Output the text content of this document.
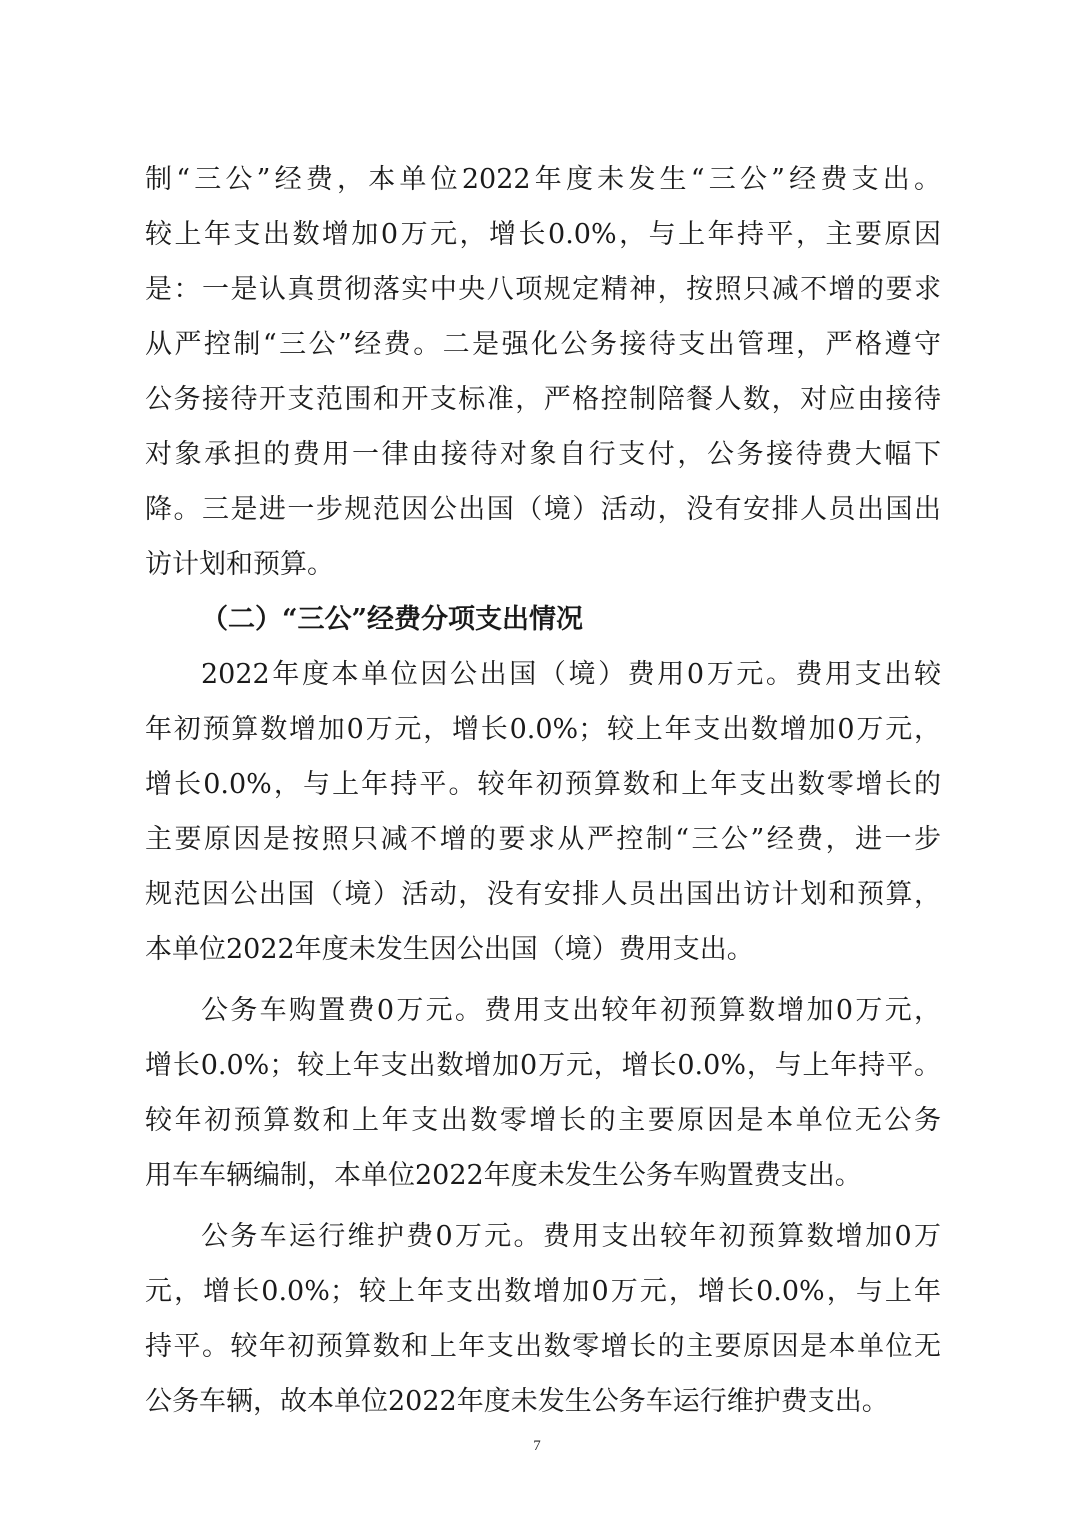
制“三公”经费，本单位2022年度未发生“三公”经费支出。
较上年支出数增加0万元，增长0.0%，与上年持平，主要原因
是：一是认真贯彻落实中央八项规定精神，按照只减不增的要求
从严控制“三公”经费。二是强化公务接待支出管理，严格遵守
公务接待开支范围和开支标准，严格控制陪餐人数，对应由接待
对象承担的费用一律由接待对象自行支付，公务接待费大幅下
降。三是进一步规范因公出国（境）活动，没有安排人员出国出
访计划和预算。
（二）“三公”经费分项支出情况
2022年度本单位因公出国（境）费用0万元。费用支出较
年初预算数增加0万元，增长0.0%；较上年支出数增加0万元，
增长0.0%，与上年持平。较年初预算数和上年支出数零增长的
主要原因是按照只减不增的要求从严控制“三公”经费，进一步
规范因公出国（境）活动，没有安排人员出国出访计划和预算，
本单位2022年度未发生因公出国（境）费用支出。
公务车购置费0万元。费用支出较年初预算数增加0万元，
增长0.0%；较上年支出数增加0万元，增长0.0%，与上年持平。
较年初预算数和上年支出数零增长的主要原因是本单位无公务
用车车辆编制，本单位2022年度未发生公务车购置费支出。
公务车运行维护费0万元。费用支出较年初预算数增加0万
元，增长0.0%；较上年支出数增加0万元，增长0.0%，与上年
持平。较年初预算数和上年支出数零增长的主要原因是本单位无
公务车辆，故本单位2022年度未发生公务车运行维护费支出。
7
